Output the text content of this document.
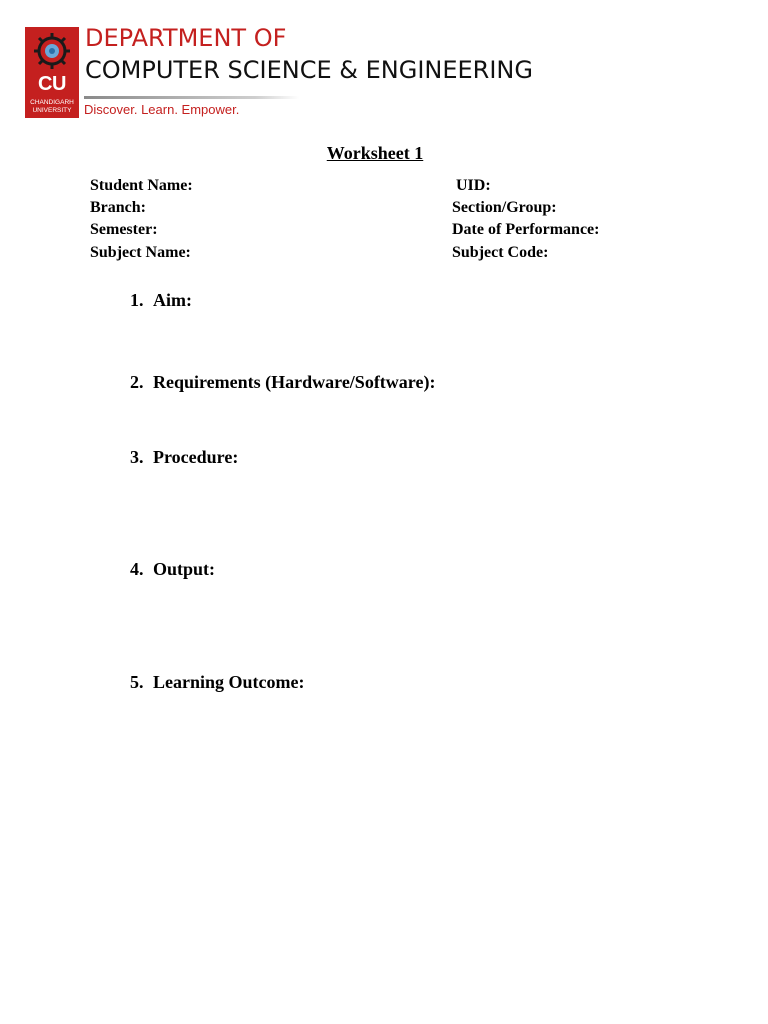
CU
CHANDIGARH
UNIVERSITY
DEPARTMENT OF
COMPUTER SCIENCE & ENGINEERING
Discover. Learn. Empower.
Worksheet 1
Student Name:
Branch:
Semester:
Subject Name:
UID:
Section/Group:
Date of Performance:
Subject Code:
1. Aim:
2. Requirements (Hardware/Software):
3. Procedure:
4. Output:
5. Learning Outcome:
